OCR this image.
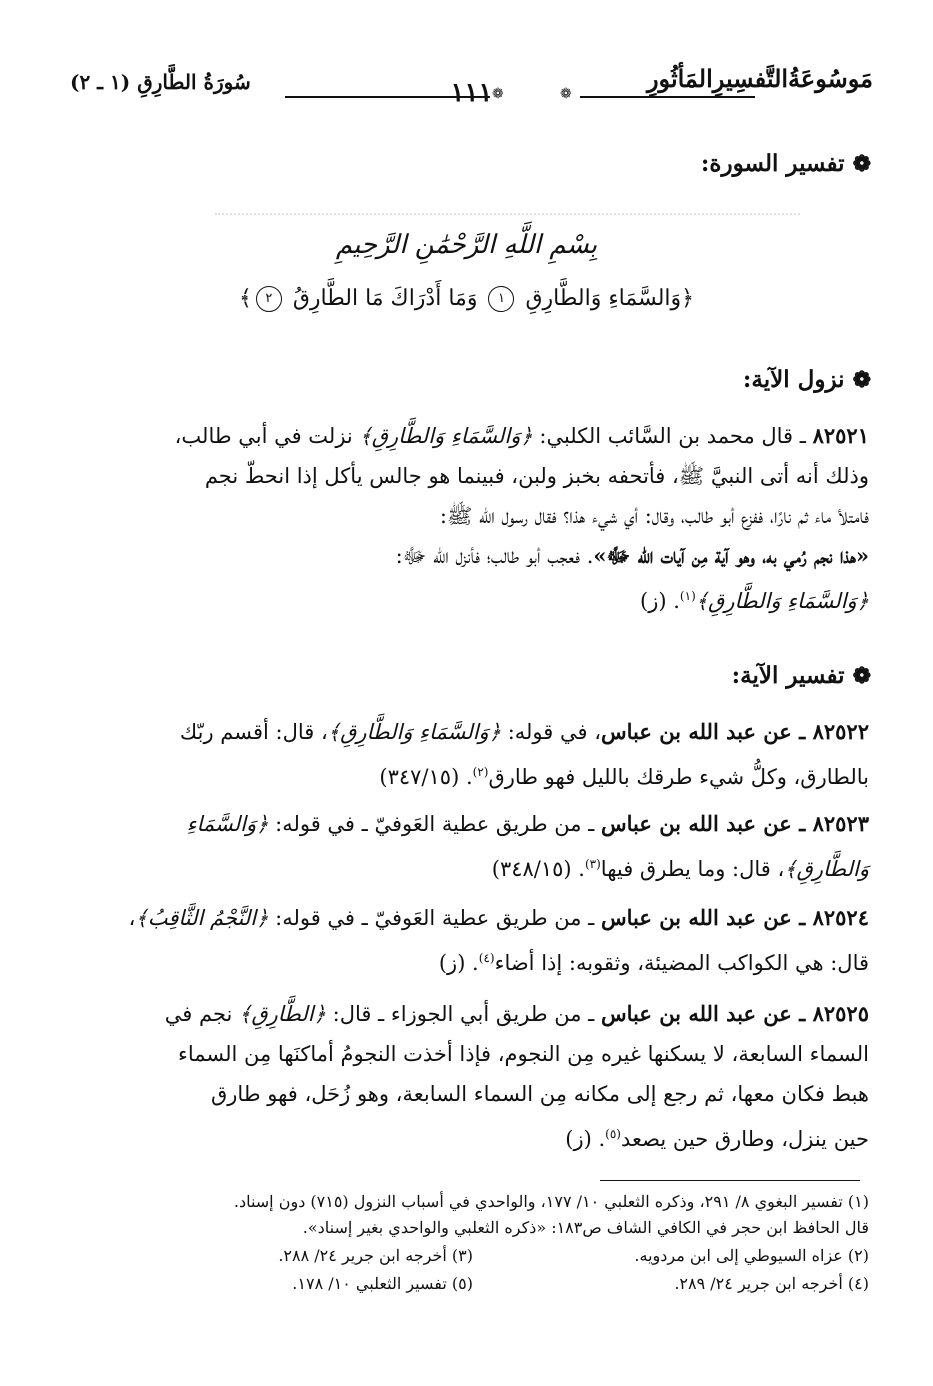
مَوسُوعَةُالتَّفسِيرِالمَأثُورِ
❁
١١١ ❁
سُورَةُ الطَّارِقِ (١ ـ ٢)
❁تفسير السورة:
بِسْمِ اللَّهِ الرَّحْمَٰنِ الرَّحِيمِ
﴿وَالسَّمَاءِ وَالطَّارِقِ ١ وَمَا أَدْرَاكَ مَا الطَّارِقُ ٢﴾
❁نزول الآية:
٨٢٥٢١ ـ قال محمد بن السَّائب الكلبي: ﴿وَالسَّمَاءِ وَالطَّارِقِ﴾ نزلت في أبي طالب،
وذلك أنه أتى النبيَّ ﷺ، فأتحفه بخبز ولبن، فبينما هو جالس يأكل إذا انحطّ نجم
فامتلأ ماء ثم نارًا، ففزع أبو طالب، وقال: أي شيء هذا؟ فقال رسول الله ﷺ:
«هذا نجم رُمي به، وهو آية مِن آيات الله ﷻ». فعجب أبو طالب؛ فأنزل الله ﷻ:
﴿وَالسَّمَاءِ وَالطَّارِقِ﴾$^{(١)}$. (ز)
❁تفسير الآية:
٨٢٥٢٢ ـ عن عبد الله بن عباس، في قوله: ﴿وَالسَّمَاءِ وَالطَّارِقِ﴾، قال: أقسم ربّك
بالطارق، وكلُّ شيء طرقك بالليل فهو طارق$^{(٢)}$. (٣٤٧/١٥)
٨٢٥٢٣ ـ عن عبد الله بن عباس ـ من طريق عطية العَوفيّ ـ في قوله: ﴿وَالسَّمَاءِ
وَالطَّارِقِ﴾، قال: وما يطرق فيها$^{(٣)}$. (٣٤٨/١٥)
٨٢٥٢٤ ـ عن عبد الله بن عباس ـ من طريق عطية العَوفيّ ـ في قوله: ﴿النَّجْمُ الثَّاقِبُ﴾،
قال: هي الكواكب المضيئة، وثقوبه: إذا أضاء$^{(٤)}$. (ز)
٨٢٥٢٥ ـ عن عبد الله بن عباس ـ من طريق أبي الجوزاء ـ قال: ﴿الطَّارِقِ﴾ نجم في
السماء السابعة، لا يسكنها غيره مِن النجوم، فإذا أخذت النجومُ أماكنَها مِن السماء
هبط فكان معها، ثم رجع إلى مكانه مِن السماء السابعة، وهو زُحَل، فهو طارق
حين ينزل، وطارق حين يصعد$^{(٥)}$. (ز)
(١) تفسير البغوي ٨/ ٢٩١، وذكره الثعلبي ١٠/ ١٧٧، والواحدي في أسباب النزول (٧١٥) دون إسناد.
قال الحافظ ابن حجر في الكافي الشاف ص١٨٣: «ذكره الثعلبي والواحدي بغير إسناد».
(٢) عزاه السيوطي إلى ابن مردويه.
(٣) أخرجه ابن جرير ٢٤/ ٢٨٨.
(٤) أخرجه ابن جرير ٢٤/ ٢٨٩.
(٥) تفسير الثعلبي ١٠/ ١٧٨.
